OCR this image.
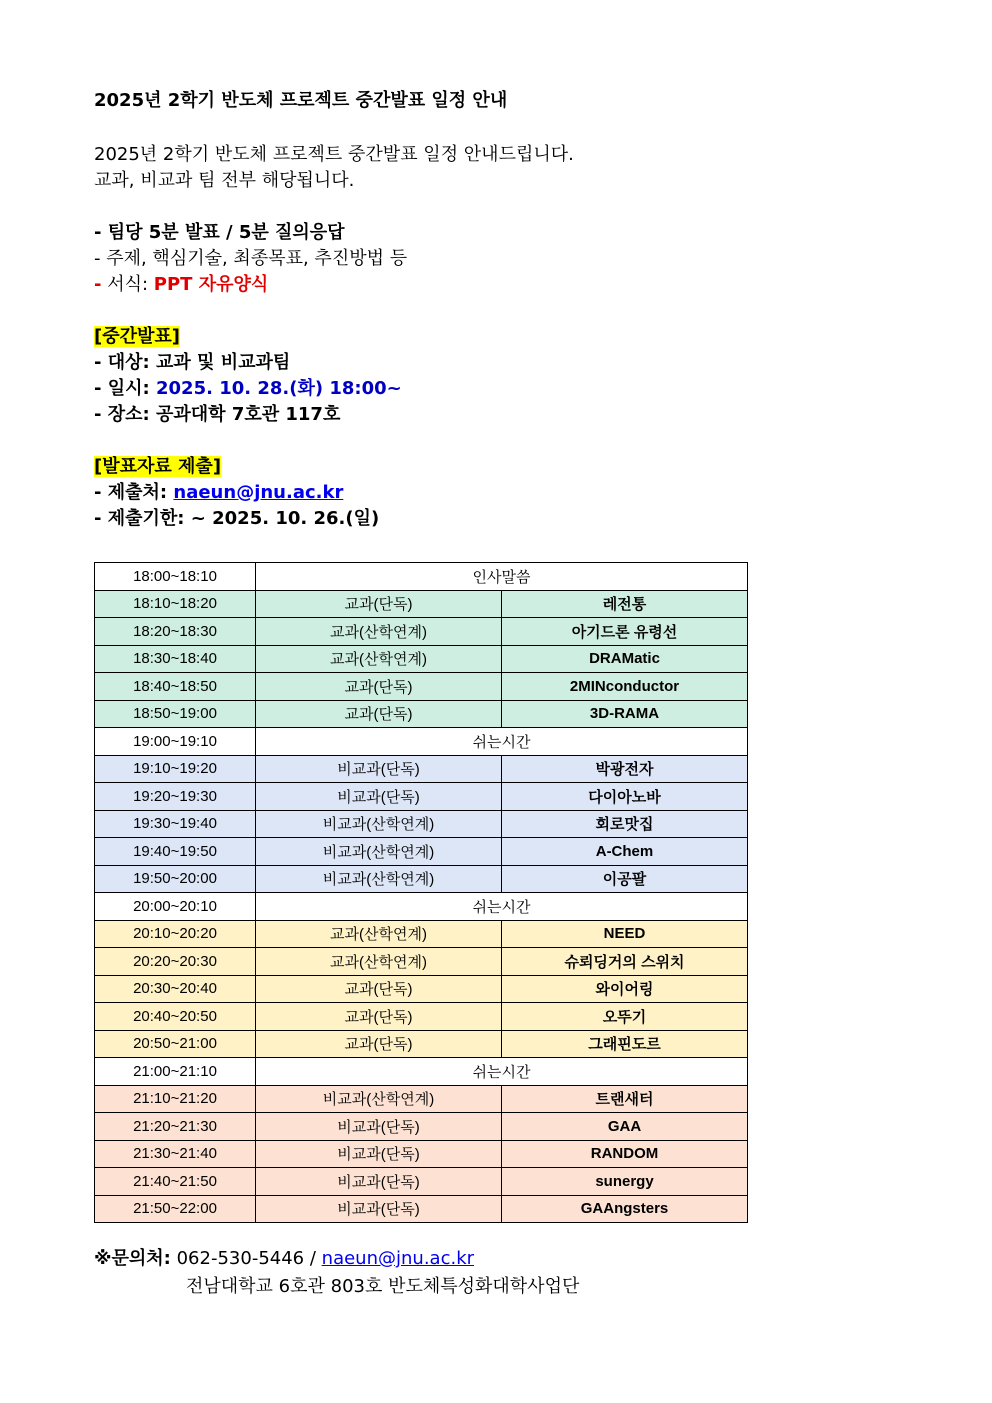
2025년 2학기 반도체 프로젝트 중간발표 일정 안내
2025년 2학기 반도체 프로젝트 중간발표 일정 안내드립니다.
교과, 비교과 팀 전부 해당됩니다.
- 팀당 5분 발표 / 5분 질의응답
- 주제, 핵심기술, 최종목표, 추진방법 등
- 서식: PPT 자유양식
[중간발표]
- 대상: 교과 및 비교과팀
- 일시: 2025. 10. 28.(화) 18:00~
- 장소: 공과대학 7호관 117호
[발표자료 제출]
- 제출처: naeun@jnu.ac.kr
- 제출기한: ~ 2025. 10. 26.(일)
18:00~18:10	인사말씀	
18:10~18:20	교과(단독)	레전통
18:20~18:30	교과(산학연계)	아기드론 유령선
18:30~18:40	교과(산학연계)	DRAMatic
18:40~18:50	교과(단독)	2MINconductor
18:50~19:00	교과(단독)	3D-RAMA
19:00~19:10	쉬는시간	
19:10~19:20	비교과(단독)	박광전자
19:20~19:30	비교과(단독)	다이아노바
19:30~19:40	비교과(산학연계)	회로맛집
19:40~19:50	비교과(산학연계)	A-Chem
19:50~20:00	비교과(산학연계)	이공팔
20:00~20:10	쉬는시간	
20:10~20:20	교과(산학연계)	NEED
20:20~20:30	교과(산학연계)	슈뢰딩거의 스위치
20:30~20:40	교과(단독)	와이어링
20:40~20:50	교과(단독)	오뚜기
20:50~21:00	교과(단독)	그래핀도르
21:00~21:10	쉬는시간	
21:10~21:20	비교과(산학연계)	트랜새터
21:20~21:30	비교과(단독)	GAA
21:30~21:40	비교과(단독)	RANDOM
21:40~21:50	비교과(단독)	sunergy
21:50~22:00	비교과(단독)	GAAngsters
※문의처: 062-530-5446 / naeun@jnu.ac.kr
전남대학교 6호관 803호 반도체특성화대학사업단
